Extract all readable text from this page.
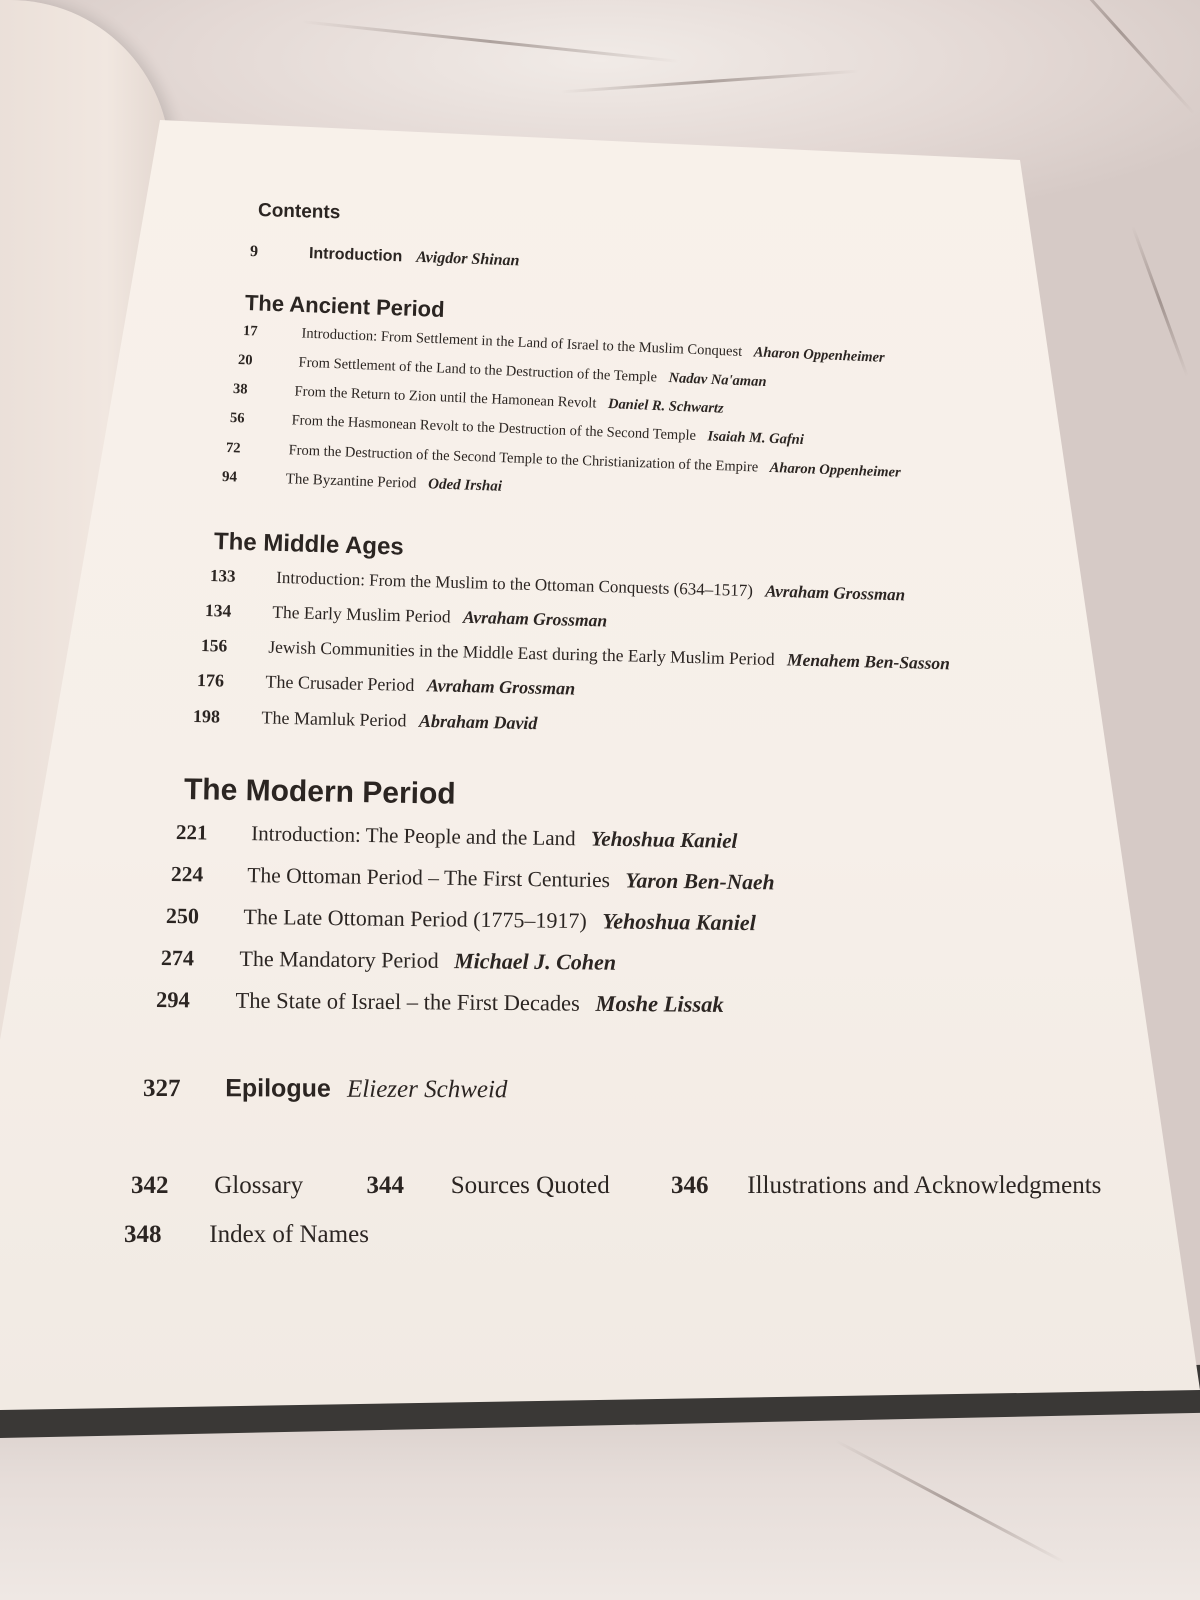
Contents
9	Introduction Avigdor Shinan
The Ancient Period
17	Introduction: From Settlement in the Land of Israel to the Muslim Conquest Aharon Oppenheimer
20	From Settlement of the Land to the Destruction of the Temple Nadav Na'aman
38	From the Return to Zion until the Hamonean Revolt Daniel R. Schwartz
56	From the Hasmonean Revolt to the Destruction of the Second Temple Isaiah M. Gafni
72	From the Destruction of the Second Temple to the Christianization of the Empire Aharon Oppenheimer
94	The Byzantine Period Oded Irshai
The Middle Ages
133 Introduction: From the Muslim to the Ottoman Conquests (634–1517) Avraham Grossman
134 The Early Muslim Period Avraham Grossman
156 Jewish Communities in the Middle East during the Early Muslim Period Menahem Ben-Sasson
176 The Crusader Period Avraham Grossman
198 The Mamluk Period Abraham David
The Modern Period
221 Introduction: The People and the Land Yehoshua Kaniel
224 The Ottoman Period – The First Centuries Yaron Ben-Naeh
250 The Late Ottoman Period (1775–1917) Yehoshua Kaniel
274 The Mandatory Period Michael J. Cohen
294 The State of Israel – the First Decades Moshe Lissak
327 Epilogue Eliezer Schweid
342 Glossary	344 Sources Quoted 346 Illustrations and Acknowledgments
348 Index of Names
